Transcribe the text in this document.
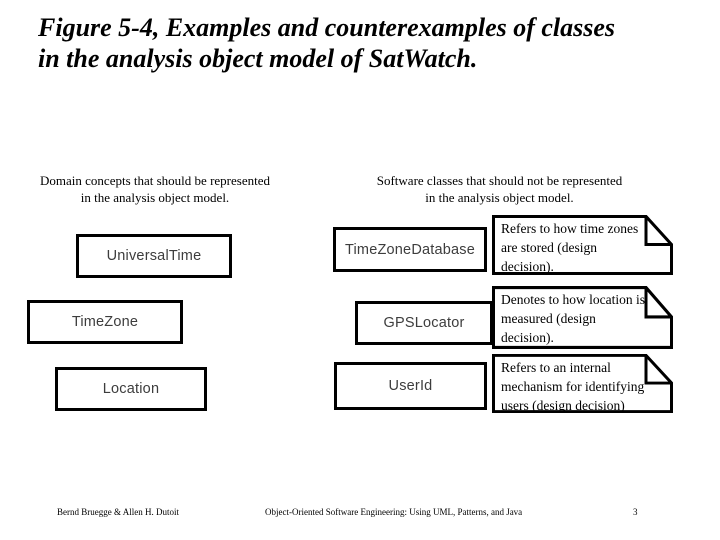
Figure 5-4, Examples and counterexamples of classes
in the analysis object model of SatWatch.
Domain concepts that should be represented
in the analysis object model.
Software classes that should not be represented
in the analysis object model.
UniversalTime
TimeZone
Location
TimeZoneDatabase
GPSLocator
UserId
Refers to how time zones
are stored (design
decision).
Denotes to how location is
measured (design
decision).
Refers to an internal
mechanism for identifying
users (design decision)
Bernd Bruegge & Allen H. Dutoit	Object-Oriented Software Engineering: Using UML, Patterns, and Java	3
